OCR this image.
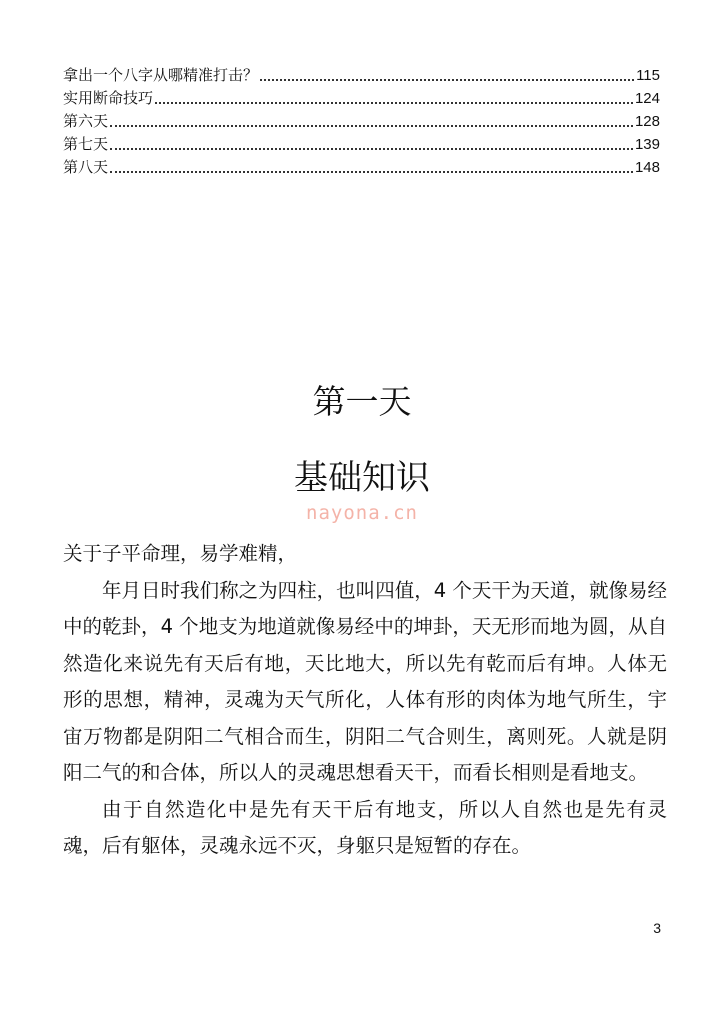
拿出一个八字从哪精准打击？	115
实用断命技巧	124
第六天	128
第七天	139
第八天	148
第一天
基础知识
nayona.cn

关于子平命理，易学难精，

年月日时我们称之为四柱，也叫四值，4 个天干为天道，就像易经中的乾卦，4 个地支为地道就像易经中的坤卦，天无形而地为圆，从自然造化来说先有天后有地，天比地大，所以先有乾而后有坤。人体无形的思想，精神，灵魂为天气所化，人体有形的肉体为地气所生，宇宙万物都是阴阳二气相合而生，阴阳二气合则生，离则死。人就是阴阳二气的和合体，所以人的灵魂思想看天干，而看长相则是看地支。

由于自然造化中是先有天干后有地支，所以人自然也是先有灵魂，后有躯体，灵魂永远不灭，身躯只是短暂的存在。

3
